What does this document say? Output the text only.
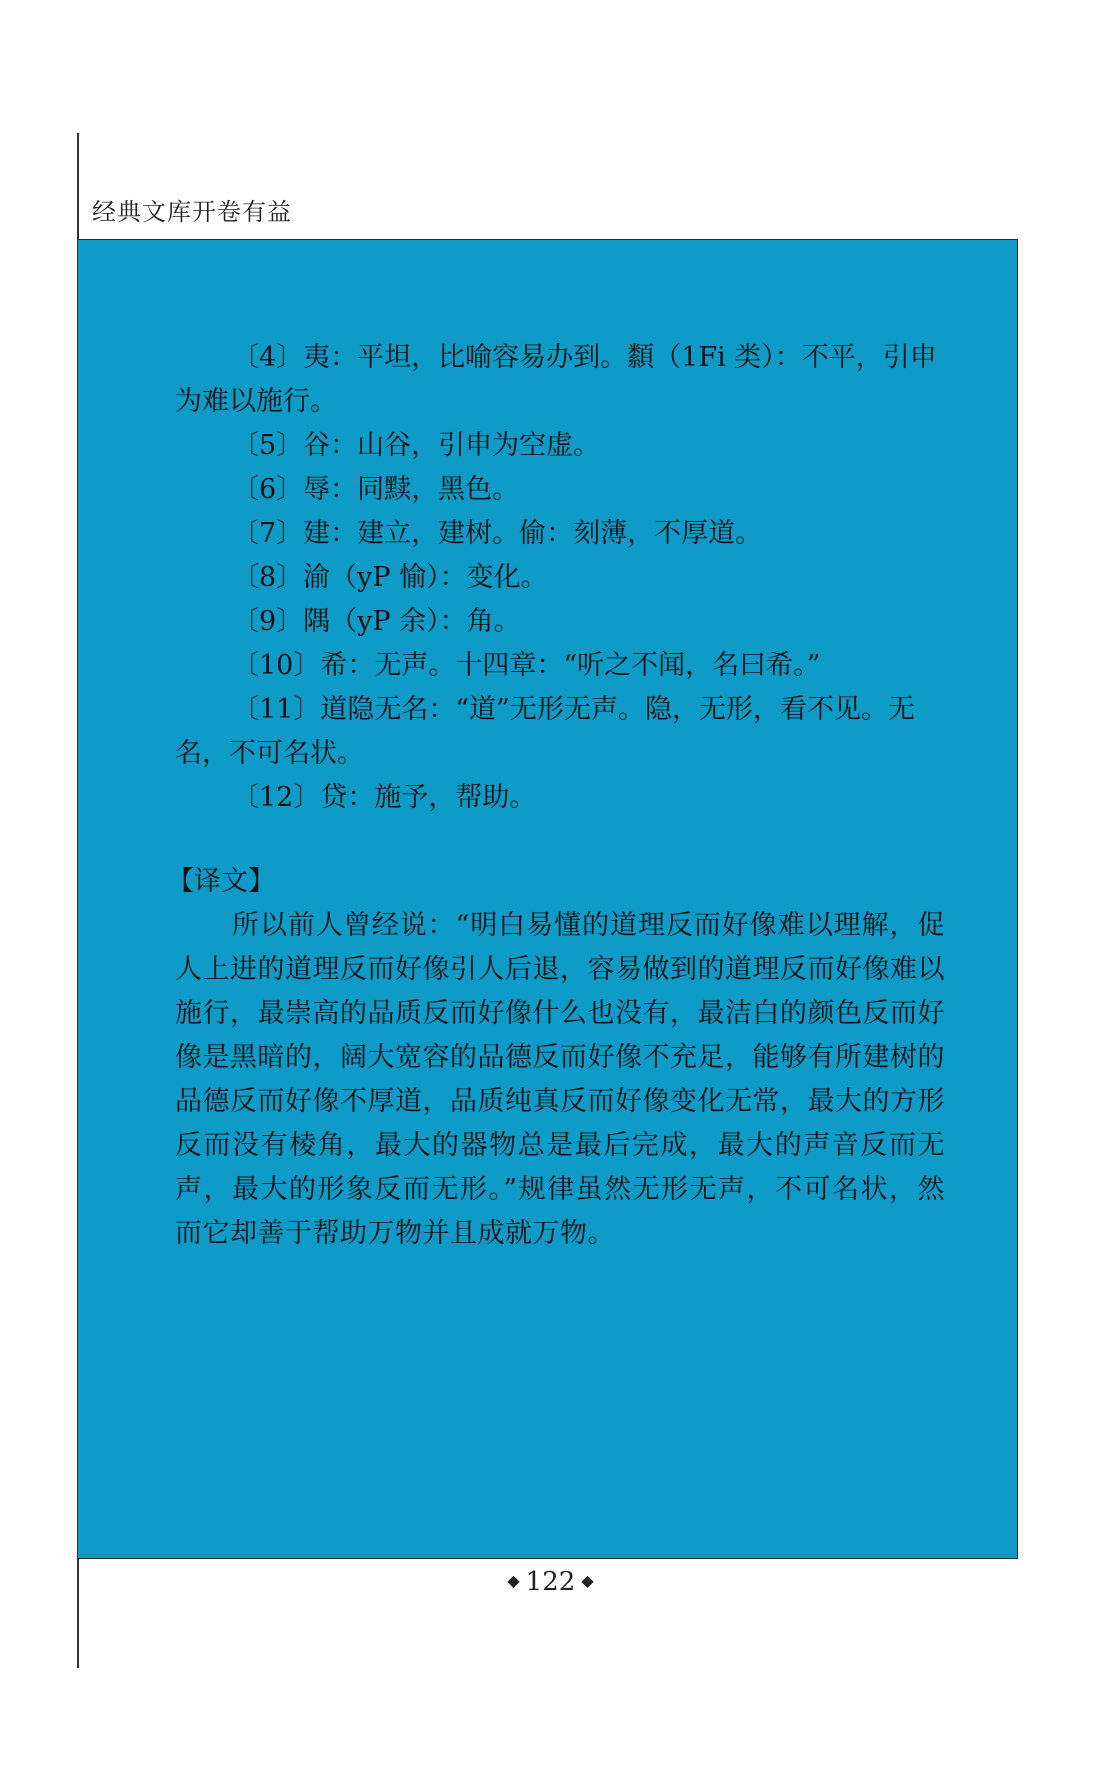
经典文库开卷有益

〔4〕夷：平坦，比喻容易办到。纇（1Fi 类）：不平，引申

为难以施行。

〔5〕谷：山谷，引申为空虚。

〔6〕辱：同黩，黑色。

〔7〕建：建立，建树。偷：刻薄，不厚道。

〔8〕渝（yP 愉）：变化。

〔9〕隅（yP 余）：角。

〔10〕希：无声。十四章：“听之不闻，名曰希。”

〔11〕道隐无名：“道”无形无声。隐，无形，看不见。无

名，不可名状。

〔12〕贷：施予，帮助。

【译文】

所以前人曾经说：“明白易懂的道理反而好像难以理解，促人上进的道理反而好像引人后退，容易做到的道理反而好像难以施行，最崇高的品质反而好像什么也没有，最洁白的颜色反而好像是黑暗的，阔大宽容的品德反而好像不充足，能够有所建树的品德反而好像不厚道，品质纯真反而好像变化无常，最大的方形反而没有棱角，最大的器物总是最后完成，最大的声音反而无声，最大的形象反而无形。”规律虽然无形无声，不可名状，然而它却善于帮助万物并且成就万物。

◆ 122 ◆
